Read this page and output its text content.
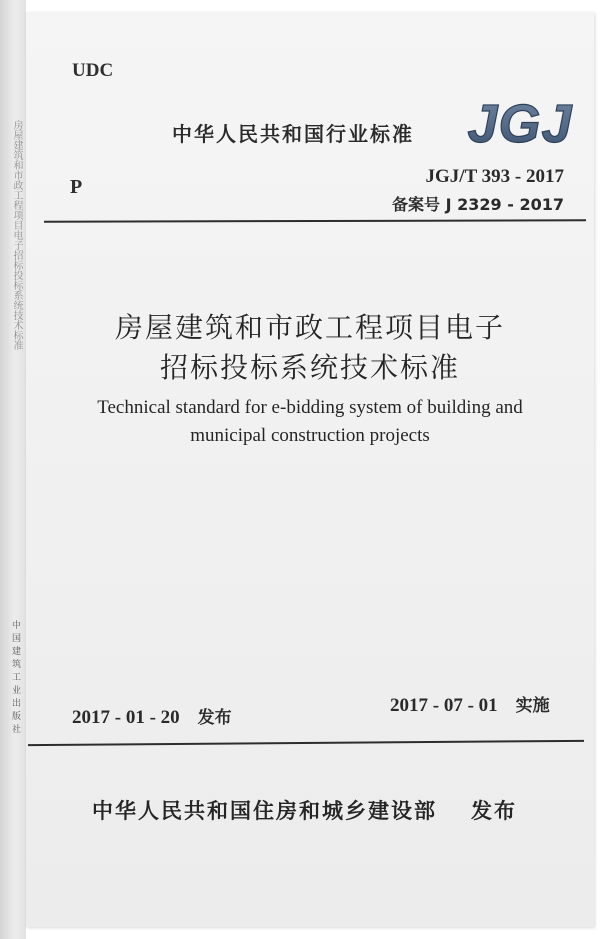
房屋建筑和市政工程项目电子招标投标系统技术标准
中国建筑工业出版社
UDC
中华人民共和国行业标准 JGJ
P	JGJ/T 393 - 2017
备案号 J 2329 - 2017
房屋建筑和市政工程项目电子
招标投标系统技术标准
Technical standard for e-bidding system of building and
municipal construction projects
2017 - 01 - 20 发布
2017 - 07 - 01 实施
中华人民共和国住房和城乡建设部 发布
